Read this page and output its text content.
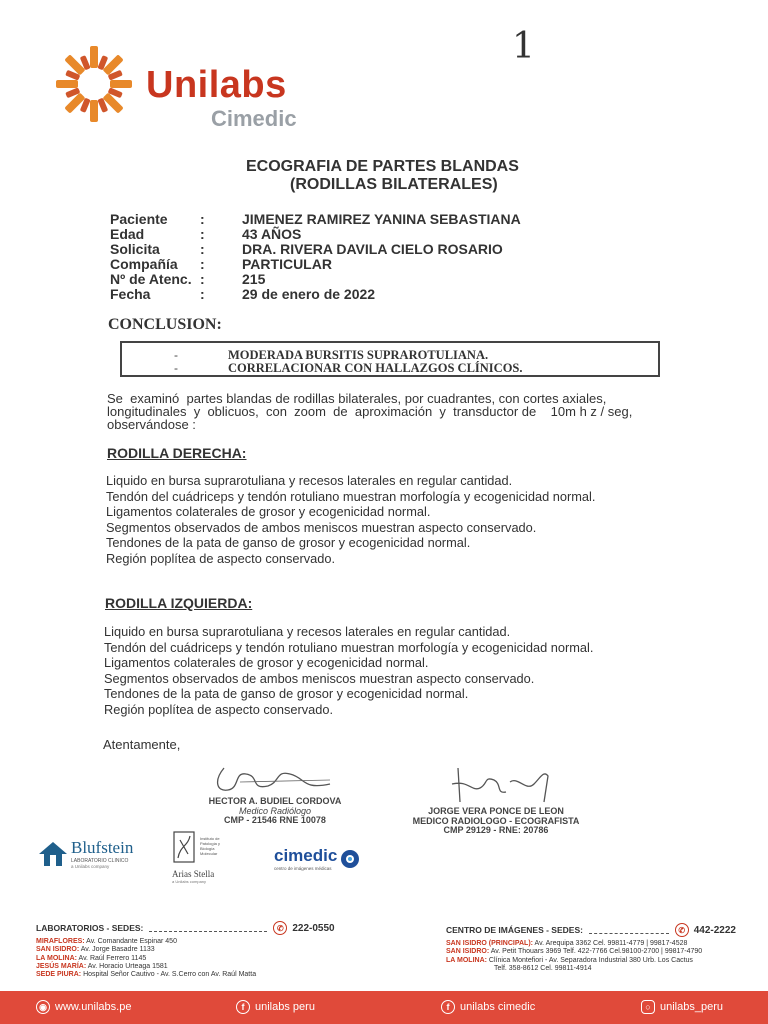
1
Unilabs
Cimedic
ECOGRAFIA DE PARTES BLANDAS
(RODILLAS BILATERALES)
Paciente	:	JIMENEZ RAMIREZ YANINA SEBASTIANA
Edad	:	43 AÑOS
Solicita	:	DRA. RIVERA DAVILA CIELO ROSARIO
Compañía	:	PARTICULAR
Nº de Atenc. :	215
Fecha	:	29 de enero de 2022
CONCLUSION:
-	MODERADA BURSITIS SUPRAROTULIANA.
-	CORRELACIONAR CON HALLAZGOS CLÍNICOS.
Se  examinó  partes blandas de rodillas bilaterales, por cuadrantes, con cortes axiales,
longitudinales  y  oblicuos,  con  zoom  de  aproximación  y  transductor de    10m h z / seg,
observándose :
RODILLA DERECHA:
Liquido en bursa suprarotuliana y recesos laterales en regular cantidad.
Tendón del cuádriceps y tendón rotuliano muestran morfología y ecogenicidad normal.
Ligamentos colaterales de grosor y ecogenicidad normal.
Segmentos observados de ambos meniscos muestran aspecto conservado.
Tendones de la pata de ganso de grosor y ecogenicidad normal.
Región poplítea de aspecto conservado.
RODILLA IZQUIERDA:
Liquido en bursa suprarotuliana y recesos laterales en regular cantidad.
Tendón del cuádriceps y tendón rotuliano muestran morfología y ecogenicidad normal.
Ligamentos colaterales de grosor y ecogenicidad normal.
Segmentos observados de ambos meniscos muestran aspecto conservado.
Tendones de la pata de ganso de grosor y ecogenicidad normal.
Región poplítea de aspecto conservado.
Atentamente,
HECTOR A. BUDIEL CORDOVA
Medico Radiólogo
CMP - 21546 RNE 10078
JORGE VERA PONCE DE LEON
MEDICO RADIOLOGO - ECOGRAFISTA
CMP 29129 - RNE: 20786
Blufstein
LABORATORIO CLINICO
a Unilabs company
Instituto de Patología y Biología Molecular
Arias Stella
a Unilabs company
cimedic
centro de imágenes médicas
LABORATORIOS - SEDES:	✆ 222-0550
MIRAFLORES: Av. Comandante Espinar 450
SAN ISIDRO: Av. Jorge Basadre 1133
LA MOLINA: Av. Raúl Ferrero 1145
JESÚS MARÍA: Av. Horacio Urteaga 1581
SEDE PIURA: Hospital Señor Cautivo - Av. S.Cerro con Av. Raúl Matta
CENTRO DE IMÁGENES - SEDES:	✆ 442-2222
SAN ISIDRO (PRINCIPAL): Av. Arequipa 3362 Cel. 99811-4779 | 99817-4528
SAN ISIDRO: Av. Petit Thouars 3969 Telf. 422-7766 Cel.98100-2700 | 99817-4790
LA MOLINA: Clínica Montefiori - Av. Separadora Industrial 380 Urb. Los Cactus
Telf. 358-8612 Cel. 99811-4914
◉ www.unilabs.pe	f unilabs peru	f unilabs cimedic	○ unilabs_peru
